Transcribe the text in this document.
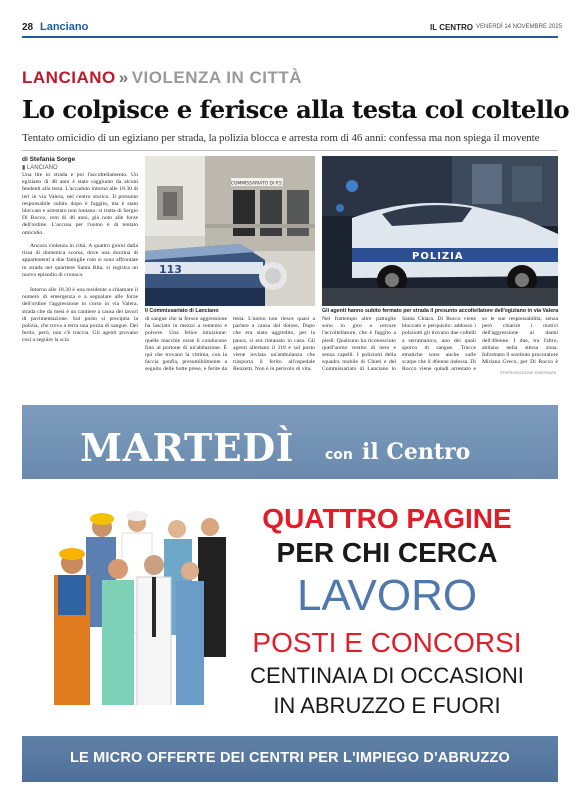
28 Lanciano	IL CENTRO VENERDÌ 14 NOVEMBRE 2025
LANCIANO » VIOLENZA IN CITTÀ
Lo colpisce e ferisce alla testa col coltello
Tentato omicidio di un egiziano per strada, la polizia blocca e arresta rom di 46 anni: confessa ma non spiega il movente
di Stefania Sorge
▮ LANCIANO
Una lite in strada e poi l'accoltellamento. Un egiziano di 48 anni è stato raggiunto da alcuni fendenti alla testa. L'accaduto intorno alle 18.30 di ieri in via Valera, nel centro storico. Il presunto responsabile subito dopo è fuggito, ma è stato bloccato e arrestato non lontano: si tratta di Sergio Di Rocco, rom di 46 anni, già noto alle forze dell'ordine. L'accusa per l'uomo è di tentato omicidio.
Ancora violenza in città. A quattro giorni dalla rissa di domenica scorsa, dove una dozzina di appartenenti a due famiglie rom si sono affrontate in strada nel quartiere Santa Rita, si registra un nuovo episodio di cronaca.
Intorno alle 18.30 è una residente a chiamare il numero di emergenza e a segnalare alle forze dell'ordine l'aggressione in corso in via Valera, strada che da mesi è un cantiere a causa dei lavori di pavimentazione. Sul posto si precipita la polizia, che trova a terra una pozza di sangue. Del ferito, però, non c'è traccia. Gli agenti provano così a seguire la scia
COMMISSARIATO DI P.S.
113
Il Commissariato di Lanciano
POLIZIA
Gli agenti hanno subito fermato per strada il presunto accoltellatore dell'egiziano in via Valera
di sangue che la feroce aggressione ha lasciato in mezzo a cemento e polvere. Una felice intuizione: quelle macchie rosse li conducono fino al portone di un'abitazione. È qui che trovano la vittima, con la faccia gonfia, presumibilmente a seguito delle botte prese, e ferite da
testa. L'uomo non riesce quasi a parlare a causa del dolore. Dopo che era stato aggredito, per la paura, si era rintanato in casa. Gli agenti allertano il 118 e sul posto viene inviata un'ambulanza che trasporta il ferito all'ospedale Renzetti. Non è in pericolo di vita.
Nel frattempo altre pattuglie sono in giro a cercare l'accoltellatore, che è fuggito a piedi. Qualcuno ha riconosciuto quell'uomo vestito di nero e senza capelli. I poliziotti della squadra mobile di Chieti e del Commissariato di Lanciano lo
Santa Chiara. Di Rocco viene bloccato e perquisito: addosso i poliziotti gli trovano due coltelli a serramanico, uno dei quali sporco di sangue. Tracce ematiche sono anche sulle scarpe che il 46enne indossa. Di Rocco viene quindi arrestato e
so le sue responsabilità, senza però chiarire i motivi dell'aggressione ai danni dell'46enne. I due, tra l'altro, abitano nella stessa zona. Informato il sostituto procuratore Miriana Greco, per Di Rocco è
©RIPRODUZIONE RISERVATA
MARTEDÌ con il Centro
QUATTRO PAGINE
PER CHI CERCA
LAVORO
POSTI E CONCORSI
CENTINAIA DI OCCASIONI
IN ABRUZZO E FUORI
LE MICRO OFFERTE DEI CENTRI PER L'IMPIEGO D'ABRUZZO
